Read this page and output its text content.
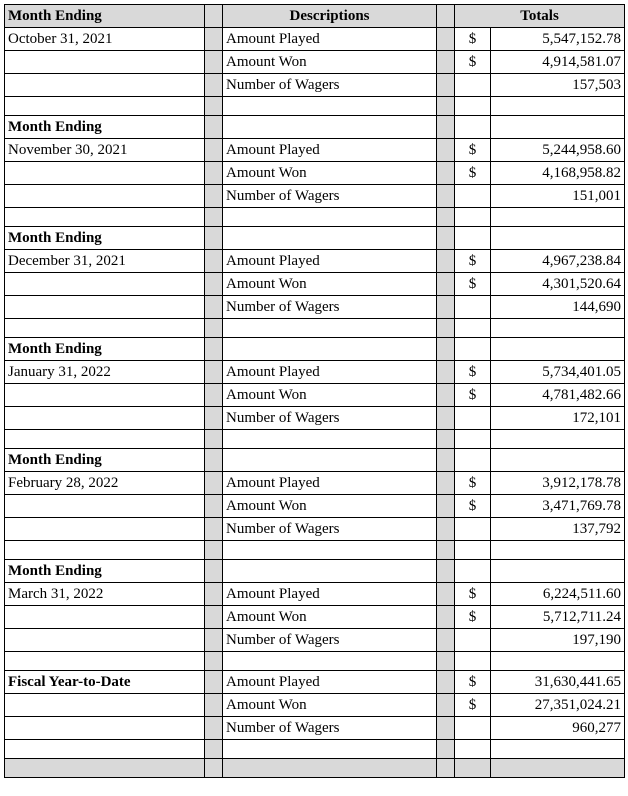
Month Ending		Descriptions		Totals	
October 31, 2021		Amount Played		$	5,547,152.78
		Amount Won		$	4,914,581.07
		Number of Wagers			157,503

Month Ending					
November 30, 2021		Amount Played		$	5,244,958.60
		Amount Won		$	4,168,958.82
		Number of Wagers			151,001

Month Ending					
December 31, 2021		Amount Played		$	4,967,238.84
		Amount Won		$	4,301,520.64
		Number of Wagers			144,690

Month Ending					
January 31, 2022		Amount Played		$	5,734,401.05
		Amount Won		$	4,781,482.66
		Number of Wagers			172,101

Month Ending					
February 28, 2022		Amount Played		$	3,912,178.78
		Amount Won		$	3,471,769.78
		Number of Wagers			137,792

Month Ending					
March 31, 2022		Amount Played		$	6,224,511.60
		Amount Won		$	5,712,711.24
		Number of Wagers			197,190

Fiscal Year-to-Date		Amount Played		$	31,630,441.65
		Amount Won		$	27,351,024.21
		Number of Wagers			960,277
